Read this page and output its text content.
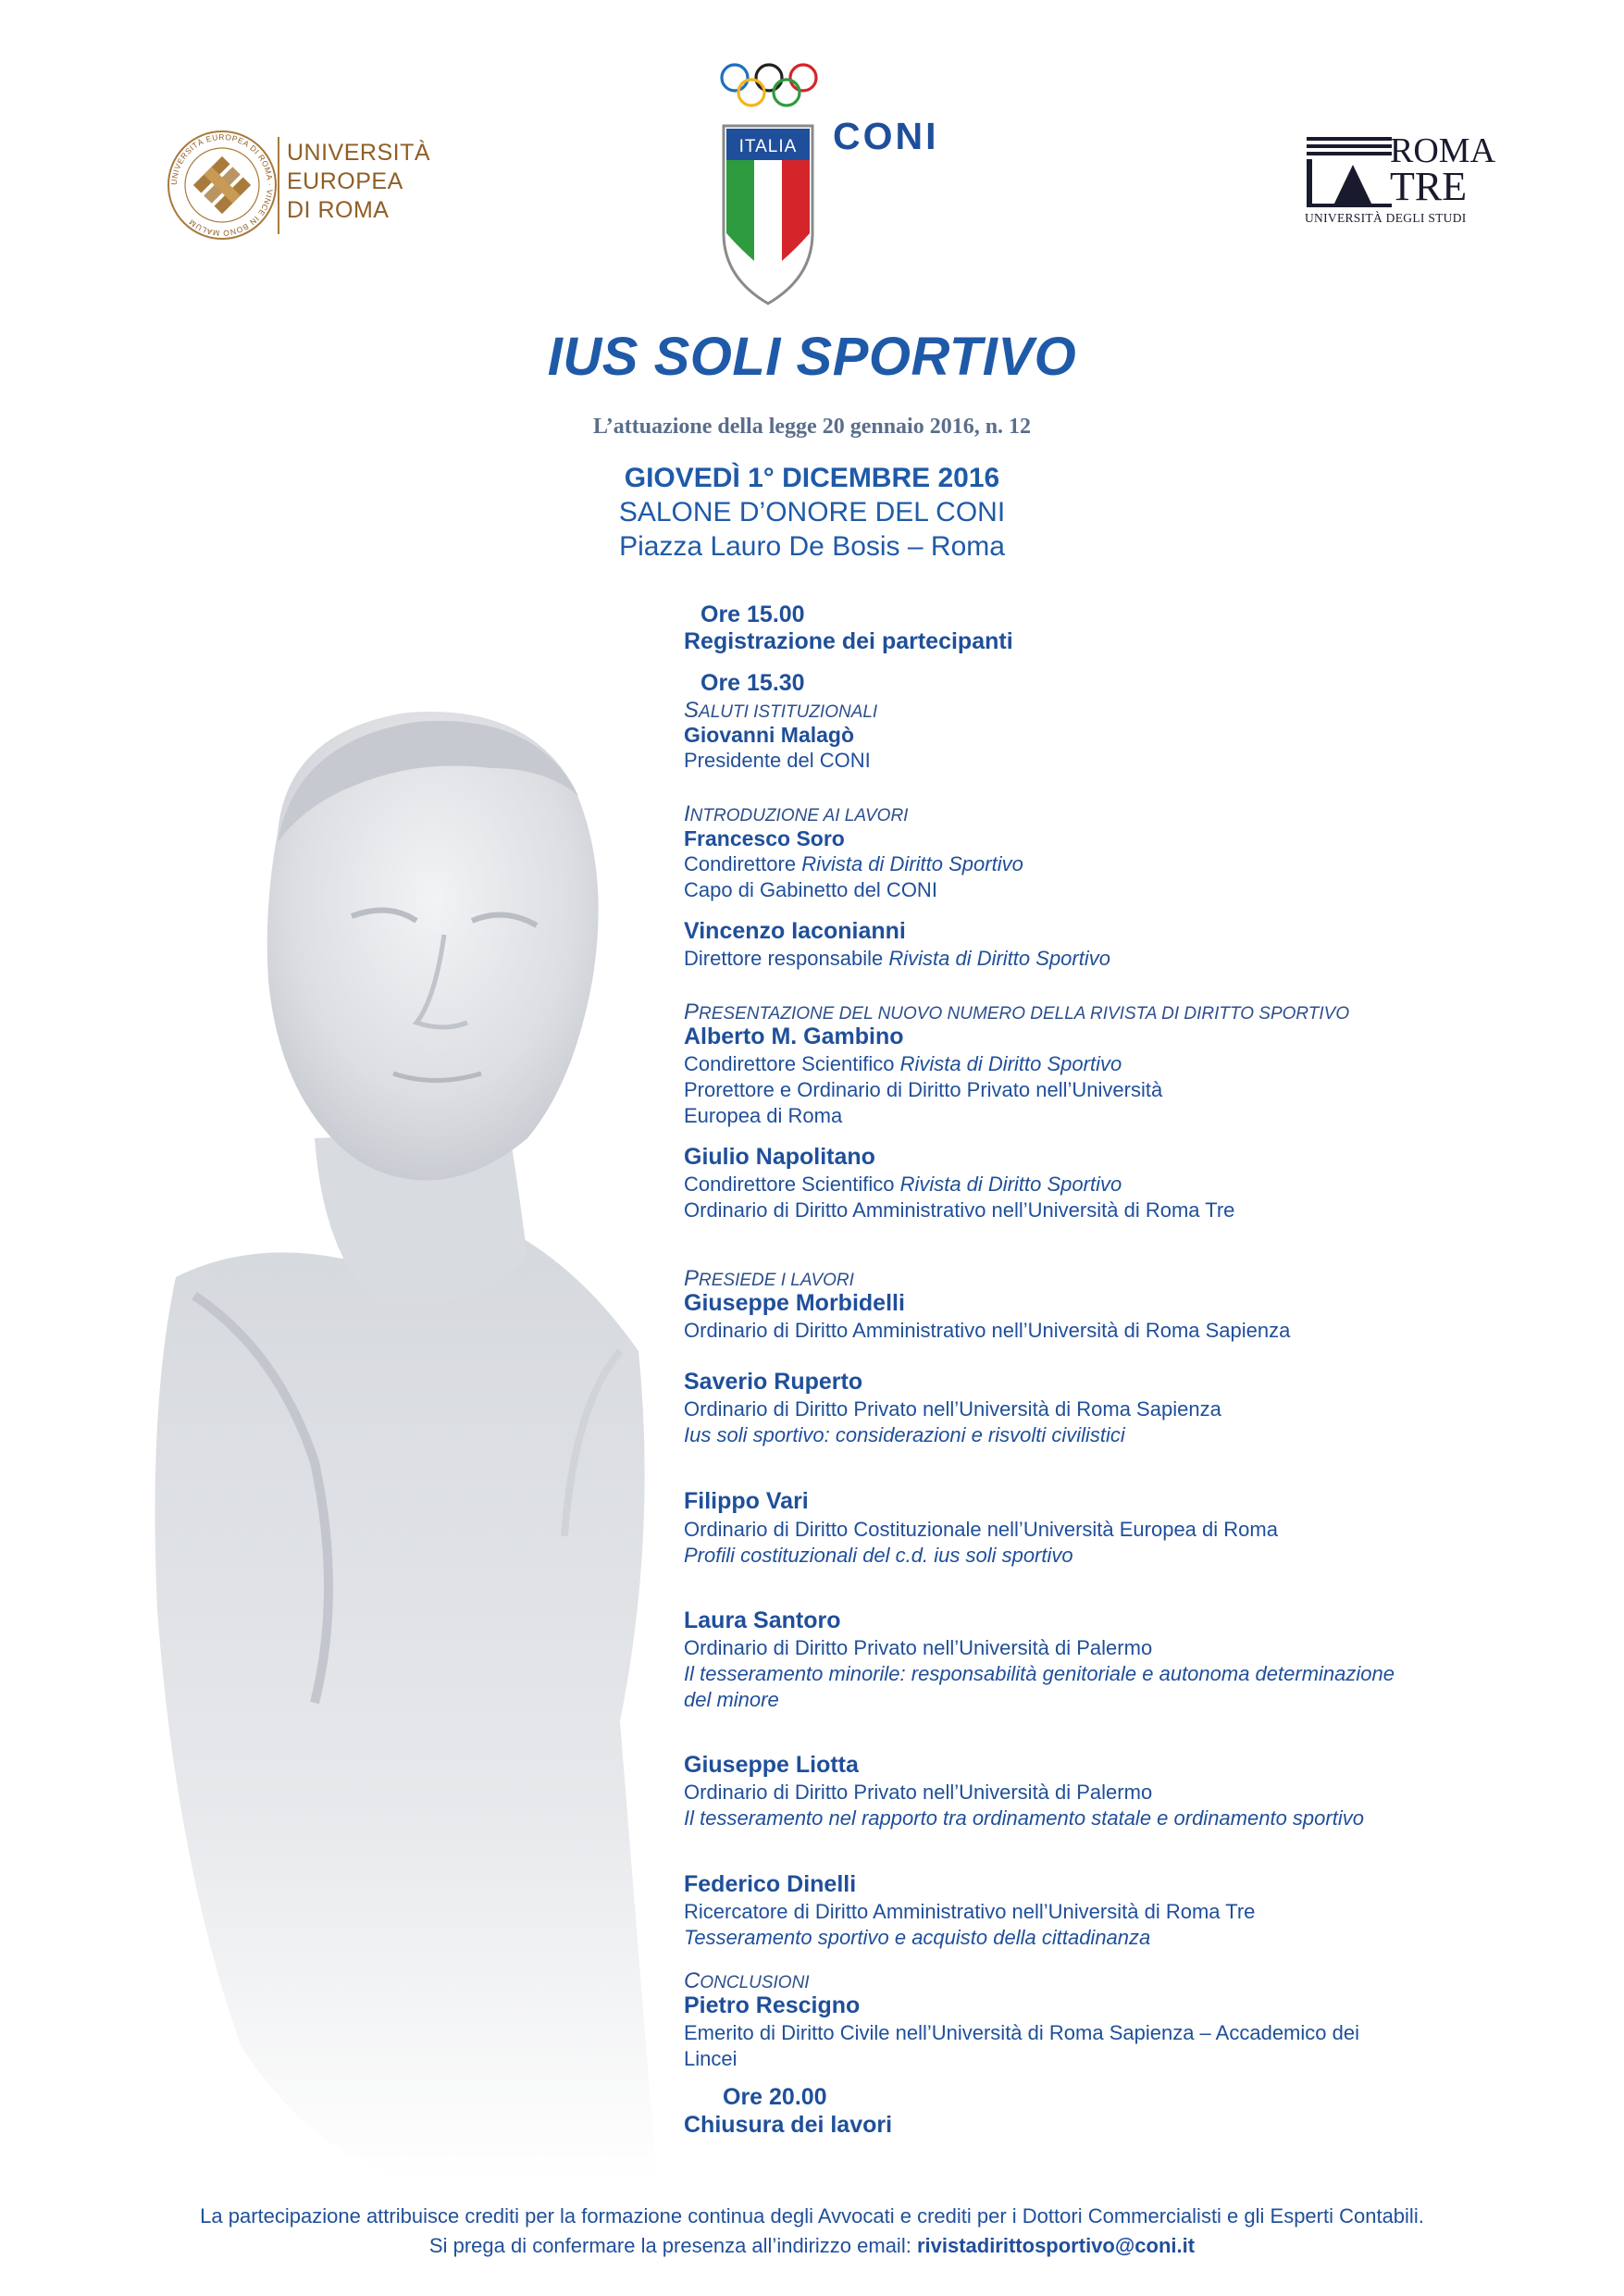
UNIVERSITÀ EUROPEA DI ROMA · VINCE IN BONO MALUM
UNIVERSITÀ
EUROPEA
DI ROMA
ITALIA CONI	ROMA
TRE
UNIVERSITÀ DEGLI STUDI
IUS SOLI SPORTIVO
L’attuazione della legge 20 gennaio 2016, n. 12
GIOVEDÌ 1° DICEMBRE 2016
SALONE D’ONORE DEL CONI
Piazza Lauro De Bosis – Roma
Ore 15.00
Registrazione dei partecipanti
Ore 15.30
SALUTI ISTITUZIONALI
Giovanni Malagò
Presidente del CONI
INTRODUZIONE AI LAVORI
Francesco Soro
Condirettore Rivista di Diritto Sportivo
Capo di Gabinetto del CONI
Vincenzo Iaconianni
Direttore responsabile Rivista di Diritto Sportivo
PRESENTAZIONE DEL NUOVO NUMERO DELLA RIVISTA DI DIRITTO SPORTIVO
Alberto M. Gambino
Condirettore Scientifico Rivista di Diritto Sportivo
Prorettore e Ordinario di Diritto Privato nell’Università
Europea di Roma
Giulio Napolitano
Condirettore Scientifico Rivista di Diritto Sportivo
Ordinario di Diritto Amministrativo nell’Università di Roma Tre
PRESIEDE I LAVORI
Giuseppe Morbidelli
Ordinario di Diritto Amministrativo nell’Università di Roma Sapienza
Saverio Ruperto
Ordinario di Diritto Privato nell’Università di Roma Sapienza
Ius soli sportivo: considerazioni e risvolti civilistici
Filippo Vari
Ordinario di Diritto Costituzionale nell’Università Europea di Roma
Profili costituzionali del c.d. ius soli sportivo
Laura Santoro
Ordinario di Diritto Privato nell’Università di Palermo
Il tesseramento minorile: responsabilità genitoriale e autonoma determinazione
del minore
Giuseppe Liotta
Ordinario di Diritto Privato nell’Università di Palermo
Il tesseramento nel rapporto tra ordinamento statale e ordinamento sportivo
Federico Dinelli
Ricercatore di Diritto Amministrativo nell’Università di Roma Tre
Tesseramento sportivo e acquisto della cittadinanza
CONCLUSIONI
Pietro Rescigno
Emerito di Diritto Civile nell’Università di Roma Sapienza – Accademico dei
Lincei
Ore 20.00
Chiusura dei lavori
La partecipazione attribuisce crediti per la formazione continua degli Avvocati e crediti per i Dottori Commercialisti e gli Esperti Contabili.
Si prega di confermare la presenza all’indirizzo email: rivistadirittosportivo@coni.it
